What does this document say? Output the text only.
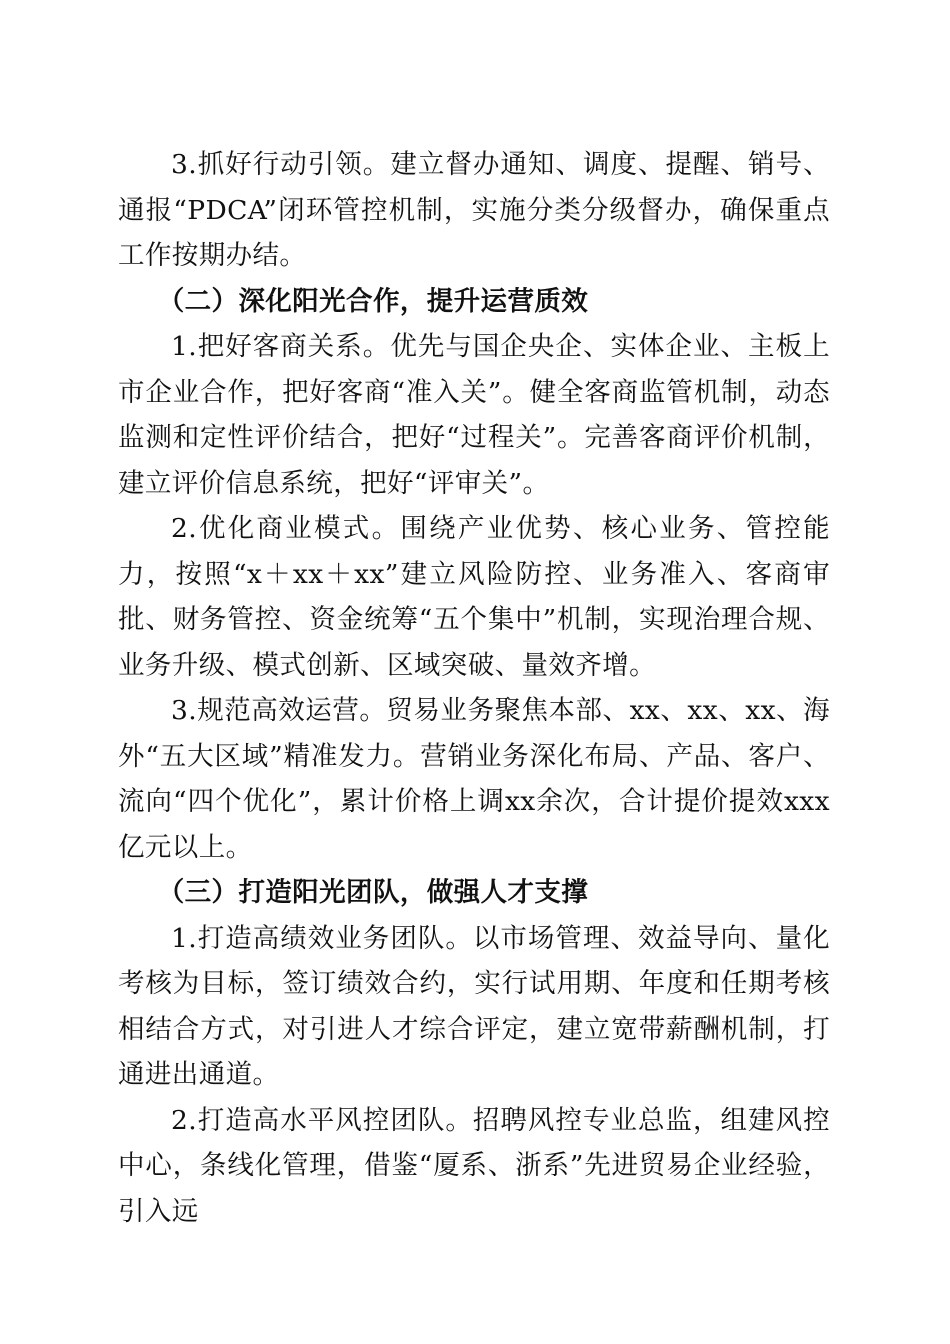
3.抓好行动引领。建立督办通知、调度、提醒、销号、通报“PDCA”闭环管控机制，实施分类分级督办，确保重点工作按期办结。

（二）深化阳光合作，提升运营质效

1.把好客商关系。优先与国企央企、实体企业、主板上市企业合作，把好客商“准入关”。健全客商监管机制，动态监测和定性评价结合，把好“过程关”。完善客商评价机制，建立评价信息系统，把好“评审关”。

2.优化商业模式。围绕产业优势、核心业务、管控能力，按照“x＋xx＋xx”建立风险防控、业务准入、客商审批、财务管控、资金统筹“五个集中”机制，实现治理合规、业务升级、模式创新、区域突破、量效齐增。

3.规范高效运营。贸易业务聚焦本部、xx、xx、xx、海外“五大区域”精准发力。营销业务深化布局、产品、客户、流向“四个优化”，累计价格上调xx余次，合计提价提效xxx亿元以上。

（三）打造阳光团队，做强人才支撑

1.打造高绩效业务团队。以市场管理、效益导向、量化考核为目标，签订绩效合约，实行试用期、年度和任期考核相结合方式，对引进人才综合评定，建立宽带薪酬机制，打通进出通道。

2.打造高水平风控团队。招聘风控专业总监，组建风控中心，条线化管理，借鉴“厦系、浙系”先进贸易企业经验，引入远
